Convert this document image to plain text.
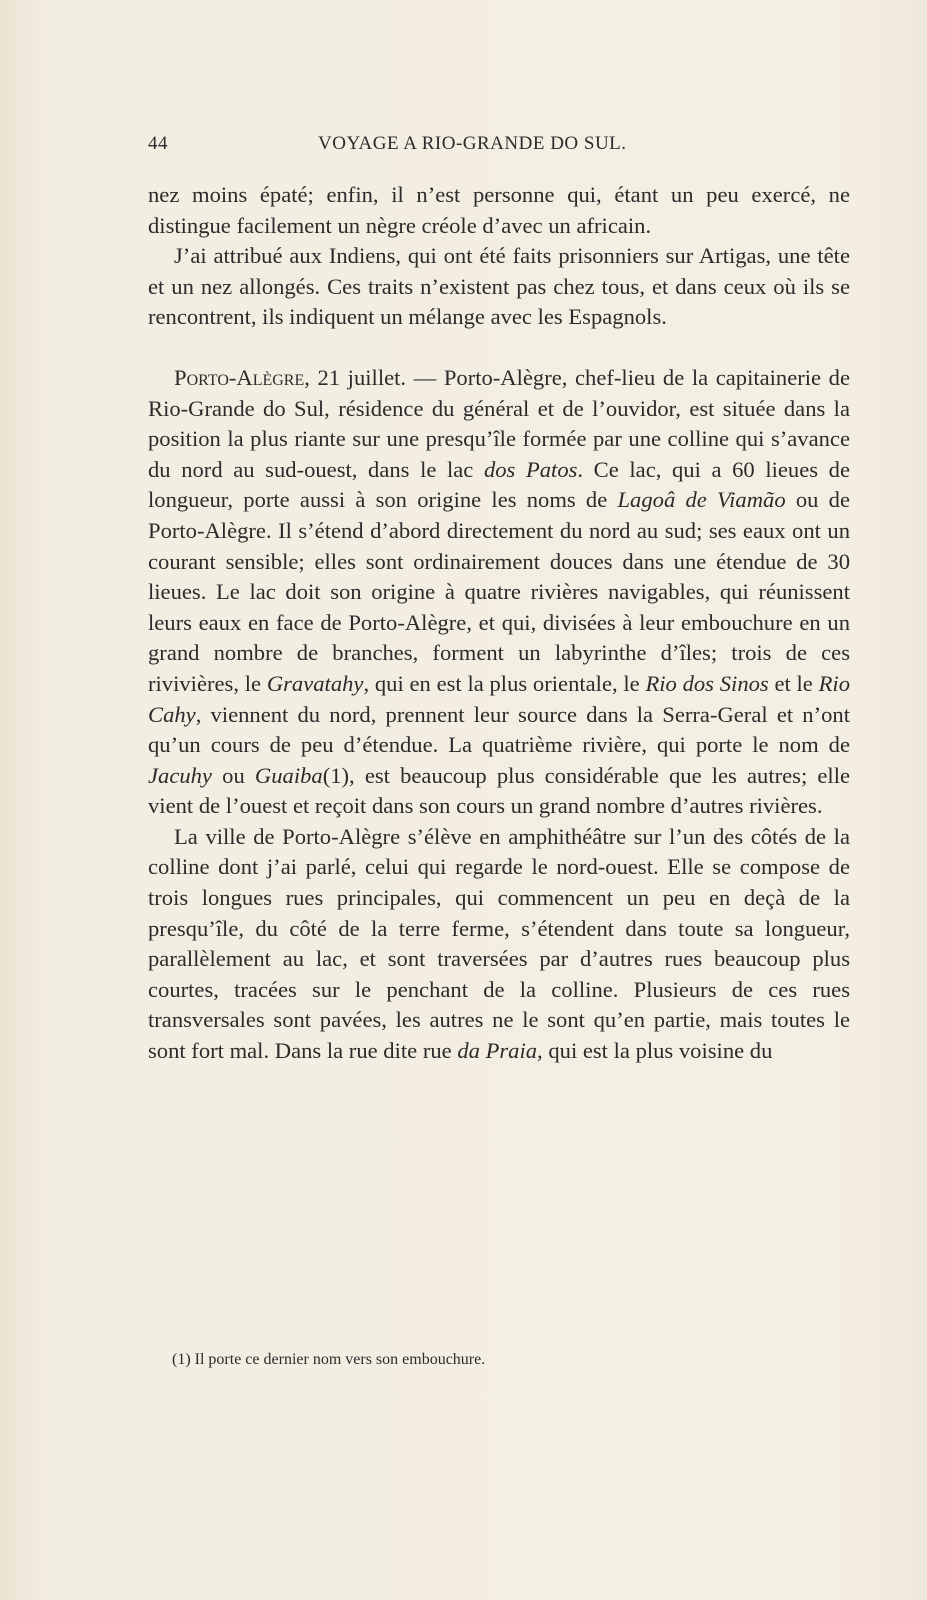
44	VOYAGE A RIO-GRANDE DO SUL.

nez moins épaté; enfin, il n’est personne qui, étant un peu exercé, ne distingue facilement un nègre créole d’avec un africain.

J’ai attribué aux Indiens, qui ont été faits prisonniers sur Artigas, une tête et un nez allongés. Ces traits n’existent pas chez tous, et dans ceux où ils se rencontrent, ils indiquent un mélange avec les Espagnols.

Porto-Alègre, 21 juillet. — Porto-Alègre, chef-lieu de la capitainerie de Rio-Grande do Sul, résidence du général et de l’ouvidor, est située dans la position la plus riante sur une presqu’île formée par une colline qui s’avance du nord au sud-ouest, dans le lac dos Patos. Ce lac, qui a 60 lieues de longueur, porte aussi à son origine les noms de Lagoâ de Viamão ou de Porto-Alègre. Il s’étend d’abord directement du nord au sud; ses eaux ont un courant sensible; elles sont ordinairement douces dans une étendue de 30 lieues. Le lac doit son origine à quatre rivières navigables, qui réunissent leurs eaux en face de Porto-Alègre, et qui, divisées à leur embouchure en un grand nombre de branches, forment un labyrinthe d’îles; trois de ces rivivières, le Gravatahy, qui en est la plus orientale, le Rio dos Sinos et le Rio Cahy, viennent du nord, prennent leur source dans la Serra-Geral et n’ont qu’un cours de peu d’étendue. La quatrième rivière, qui porte le nom de Jacuhy ou Guaiba(1), est beaucoup plus considérable que les autres; elle vient de l’ouest et reçoit dans son cours un grand nombre d’autres rivières.

La ville de Porto-Alègre s’élève en amphithéâtre sur l’un des côtés de la colline dont j’ai parlé, celui qui regarde le nord-ouest. Elle se compose de trois longues rues principales, qui commencent un peu en deçà de la presqu’île, du côté de la terre ferme, s’étendent dans toute sa longueur, parallèlement au lac, et sont traversées par d’autres rues beaucoup plus courtes, tracées sur le penchant de la colline. Plusieurs de ces rues transversales sont pavées, les autres ne le sont qu’en partie, mais toutes le sont fort mal. Dans la rue dite rue da Praia, qui est la plus voisine du

(1) Il porte ce dernier nom vers son embouchure.
